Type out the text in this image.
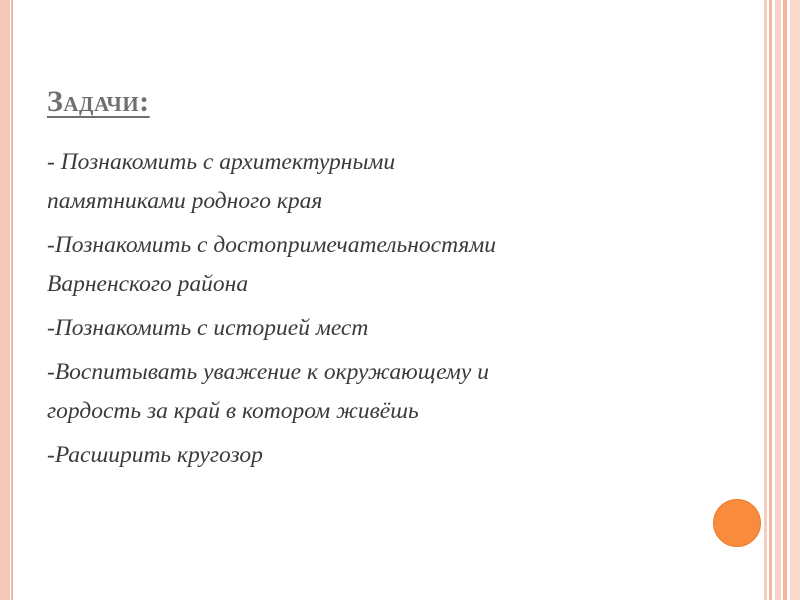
Задачи:
- Познакомить с архитектурными
памятниками родного края
-Познакомить с достопримечательностями
Варненского района
-Познакомить с историей мест
-Воспитывать уважение к окружающему и
гордость за край в котором живёшь
-Расширить кругозор
